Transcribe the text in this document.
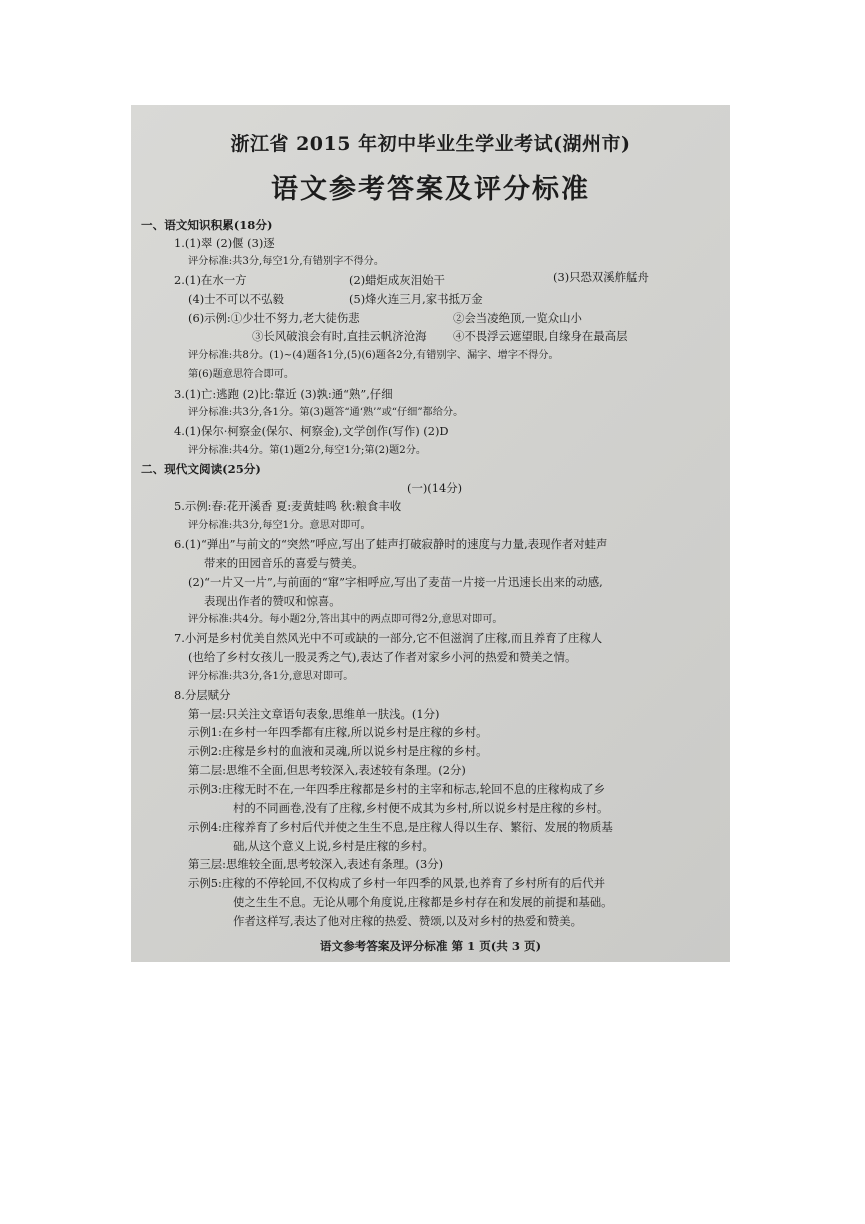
浙江省 2015 年初中毕业生学业考试(湖州市)
语文参考答案及评分标准
一、语文知识积累(18分)
1.(1)翠 (2)偃 (3)逐
评分标准:共3分,每空1分,有错别字不得分。
2.(1)在水一方	(2)蜡炬成灰泪始干	(3)只恐双溪舴艋舟
(4)士不可以不弘毅	(5)烽火连三月,家书抵万金
(6)示例:①少壮不努力,老大徒伤悲	②会当凌绝顶,一览众山小
③长风破浪会有时,直挂云帆济沧海 ④不畏浮云遮望眼,自缘身在最高层
评分标准:共8分。(1)~(4)题各1分,(5)(6)题各2分,有错别字、漏字、增字不得分。
第(6)题意思符合即可。
3.(1)亡:逃跑 (2)比:靠近 (3)孰:通“熟”,仔细
评分标准:共3分,各1分。第(3)题答“通‘熟’”或“仔细”都给分。
4.(1)保尔·柯察金(保尔、柯察金),文学创作(写作) (2)D
评分标准:共4分。第(1)题2分,每空1分;第(2)题2分。
二、现代文阅读(25分)
(一)(14分)
5.示例:春:花开溪香 夏:麦黄蛙鸣 秋:粮食丰收
评分标准:共3分,每空1分。意思对即可。
6.(1)“弹出”与前文的“突然”呼应,写出了蛙声打破寂静时的速度与力量,表现作者对蛙声
带来的田园音乐的喜爱与赞美。
(2)“一片又一片”,与前面的“窜”字相呼应,写出了麦苗一片接一片迅速长出来的动感,
表现出作者的赞叹和惊喜。
评分标准:共4分。每小题2分,答出其中的两点即可得2分,意思对即可。
7.小河是乡村优美自然风光中不可或缺的一部分,它不但滋润了庄稼,而且养育了庄稼人
(也给了乡村女孩儿一股灵秀之气),表达了作者对家乡小河的热爱和赞美之情。
评分标准:共3分,各1分,意思对即可。
8.分层赋分
第一层:只关注文章语句表象,思维单一肤浅。(1分)
示例1:在乡村一年四季都有庄稼,所以说乡村是庄稼的乡村。
示例2:庄稼是乡村的血液和灵魂,所以说乡村是庄稼的乡村。
第二层:思维不全面,但思考较深入,表述较有条理。(2分)
示例3:庄稼无时不在,一年四季庄稼都是乡村的主宰和标志,轮回不息的庄稼构成了乡
村的不同画卷,没有了庄稼,乡村便不成其为乡村,所以说乡村是庄稼的乡村。
示例4:庄稼养育了乡村后代并使之生生不息,是庄稼人得以生存、繁衍、发展的物质基
础,从这个意义上说,乡村是庄稼的乡村。
第三层:思维较全面,思考较深入,表述有条理。(3分)
示例5:庄稼的不停轮回,不仅构成了乡村一年四季的风景,也养育了乡村所有的后代并
使之生生不息。无论从哪个角度说,庄稼都是乡村存在和发展的前提和基础。
作者这样写,表达了他对庄稼的热爱、赞颂,以及对乡村的热爱和赞美。
语文参考答案及评分标准 第 1 页(共 3 页)
